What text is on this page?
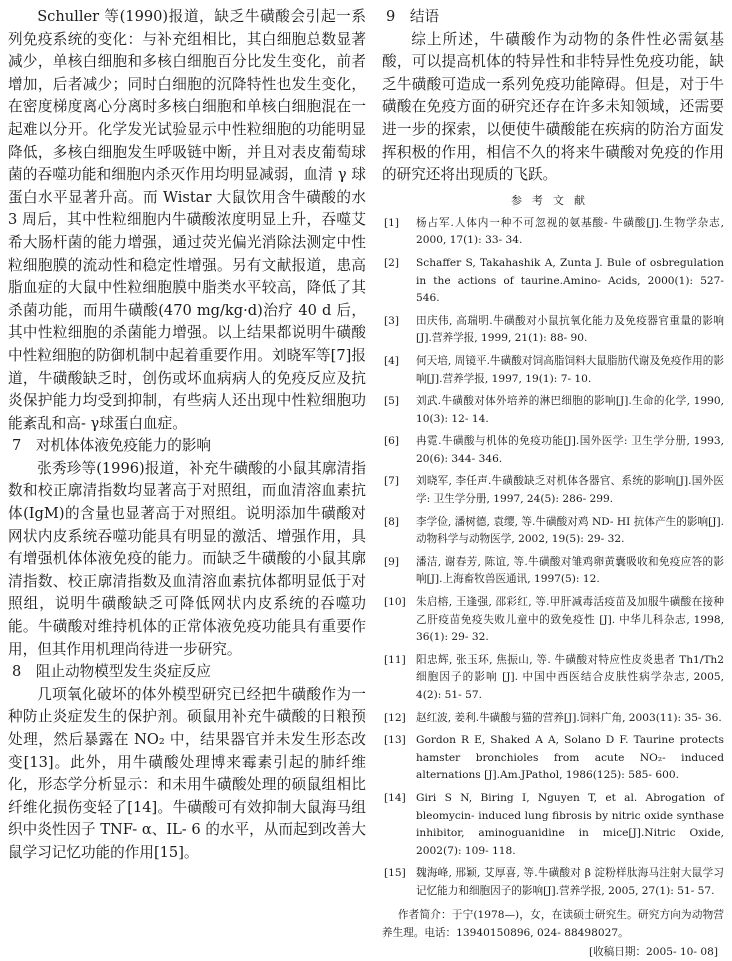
Schuller 等(1990)报道，缺乏牛磺酸会引起一系列免疫系统的变化：与补充组相比，其白细胞总数显著减少，单核白细胞和多核白细胞百分比发生变化，前者增加，后者减少；同时白细胞的沉降特性也发生变化，在密度梯度离心分离时多核白细胞和单核白细胞混在一起难以分开。化学发光试验显示中性粒细胞的功能明显降低，多核白细胞发生呼吸链中断，并且对表皮葡萄球菌的吞噬功能和细胞内杀灭作用均明显减弱，血清 γ 球蛋白水平显著升高。而 Wistar 大鼠饮用含牛磺酸的水 3 周后，其中性粒细胞内牛磺酸浓度明显上升，吞噬艾希大肠杆菌的能力增强，通过荧光偏光消除法测定中性粒细胞膜的流动性和稳定性增强。另有文献报道，患高脂血症的大鼠中性粒细胞膜中脂类水平较高，降低了其杀菌功能，而用牛磺酸(470 mg/kg·d)治疗 40 d 后，其中性粒细胞的杀菌能力增强。以上结果都说明牛磺酸中性粒细胞的防御机制中起着重要作用。刘晓军等[7]报道，牛磺酸缺乏时，创伤或坏血病病人的免疫反应及抗炎保护能力均受到抑制，有些病人还出现中性粒细胞功能紊乱和高- γ球蛋白血症。

7　对机体体液免疫能力的影响

张秀珍等(1996)报道，补充牛磺酸的小鼠其廓清指数和校正廓清指数均显著高于对照组，而血清溶血素抗体(IgM)的含量也显著高于对照组。说明添加牛磺酸对网状内皮系统吞噬功能具有明显的激活、增强作用，具有增强机体体液免疫的能力。而缺乏牛磺酸的小鼠其廓清指数、校正廓清指数及血清溶血素抗体都明显低于对照组，说明牛磺酸缺乏可降低网状内皮系统的吞噬功能。牛磺酸对维持机体的正常体液免疫功能具有重要作用，但其作用机理尚待进一步研究。

8　阻止动物模型发生炎症反应

几项氧化破坏的体外模型研究已经把牛磺酸作为一种防止炎症发生的保护剂。硕鼠用补充牛磺酸的日粮预处理，然后暴露在 NO₂ 中，结果器官并未发生形态改变[13]。此外，用牛磺酸处理博来霉素引起的肺纤维化，形态学分析显示：和未用牛磺酸处理的硕鼠组相比纤维化损伤变轻了[14]。牛磺酸可有效抑制大鼠海马组织中炎性因子 TNF- α、IL- 6 的水平，从而起到改善大鼠学习记忆功能的作用[15]。

9　结语

综上所述，牛磺酸作为动物的条件性必需氨基酸，可以提高机体的特异性和非特异性免疫功能，缺乏牛磺酸可造成一系列免疫功能障碍。但是，对于牛磺酸在免疫方面的研究还存在许多未知领域，还需要进一步的探索，以便使牛磺酸能在疾病的防治方面发挥积极的作用，相信不久的将来牛磺酸对免疫的作用的研究还将出现质的飞跃。

参考文献
[1] 杨占军.人体内一种不可忽视的氨基酸- 牛磺酸[J].生物学杂志, 2000, 17(1): 33- 34.
[2] Schaffer S, Takahashik A, Zunta J. Bule of osbregulation in the actions of taurine.Amino- Acids, 2000(1): 527- 546.
[3] 田庆伟, 高瑞明.牛磺酸对小鼠抗氧化能力及免疫器官重量的影响[J].营养学报, 1999, 21(1): 88- 90.
[4] 何天培, 周镜平.牛磺酸对饲高脂饲料大鼠脂肪代谢及免疫作用的影响[J].营养学报, 1997, 19(1): 7- 10.
[5] 刘武.牛磺酸对体外培养的淋巴细胞的影响[J].生命的化学, 1990, 10(3): 12- 14.
[6] 冉霓.牛磺酸与机体的免疫功能[J].国外医学: 卫生学分册, 1993, 20(6): 344- 346.
[7] 刘晓军, 李任声.牛磺酸缺乏对机体各器官、系统的影响[J].国外医学: 卫生学分册, 1997, 24(5): 286- 299.
[8] 李学俭, 潘树德, 袁缨, 等.牛磺酸对鸡 ND- HI 抗体产生的影响[J].动物科学与动物医学, 2002, 19(5): 29- 32.
[9] 潘洁, 谢春芳, 陈谊, 等.牛磺酸对雏鸡卵黄囊吸收和免疫应答的影响[J].上海畜牧兽医通讯, 1997(5): 12.
[10] 朱启榕, 王逢强, 邵彩红, 等.甲肝减毒活疫苗及加服牛磺酸在接种乙肝疫苗免疫失败儿童中的致免疫性 [J]. 中华儿科杂志, 1998, 36(1): 29- 32.
[11] 阳忠辉, 张玉环, 焦振山, 等. 牛磺酸对特应性皮炎患者 Th1/Th2 细胞因子的影响 [J]. 中国中西医结合皮肤性病学杂志, 2005, 4(2): 51- 57.
[12] 赵红波, 姜利.牛磺酸与猫的营养[J].饲料广角, 2003(11): 35- 36.
[13] Gordon R E, Shaked A A, Solano D F. Taurine protects hamster bronchioles from acute NO₂- induced alternations [J].Am.JPathol, 1986(125): 585- 600.
[14] Giri S N, Biring I, Nguyen T, et al. Abrogation of bleomycin- induced lung fibrosis by nitric oxide synthase inhibitor, aminoguanidine in mice[J].Nitric Oxide, 2002(7): 109- 118.
[15] 魏海峰, 邢颖, 艾厚喜, 等.牛磺酸对 β 淀粉样肽海马注射大鼠学习记忆能力和细胞因子的影响[J].营养学报, 2005, 27(1): 51- 57.

作者简介：于宁(1978—)，女，在读硕士研究生。研究方向为动物营养生理。电话：13940150896, 024- 88498027。

[收稿日期：2005- 10- 08]
